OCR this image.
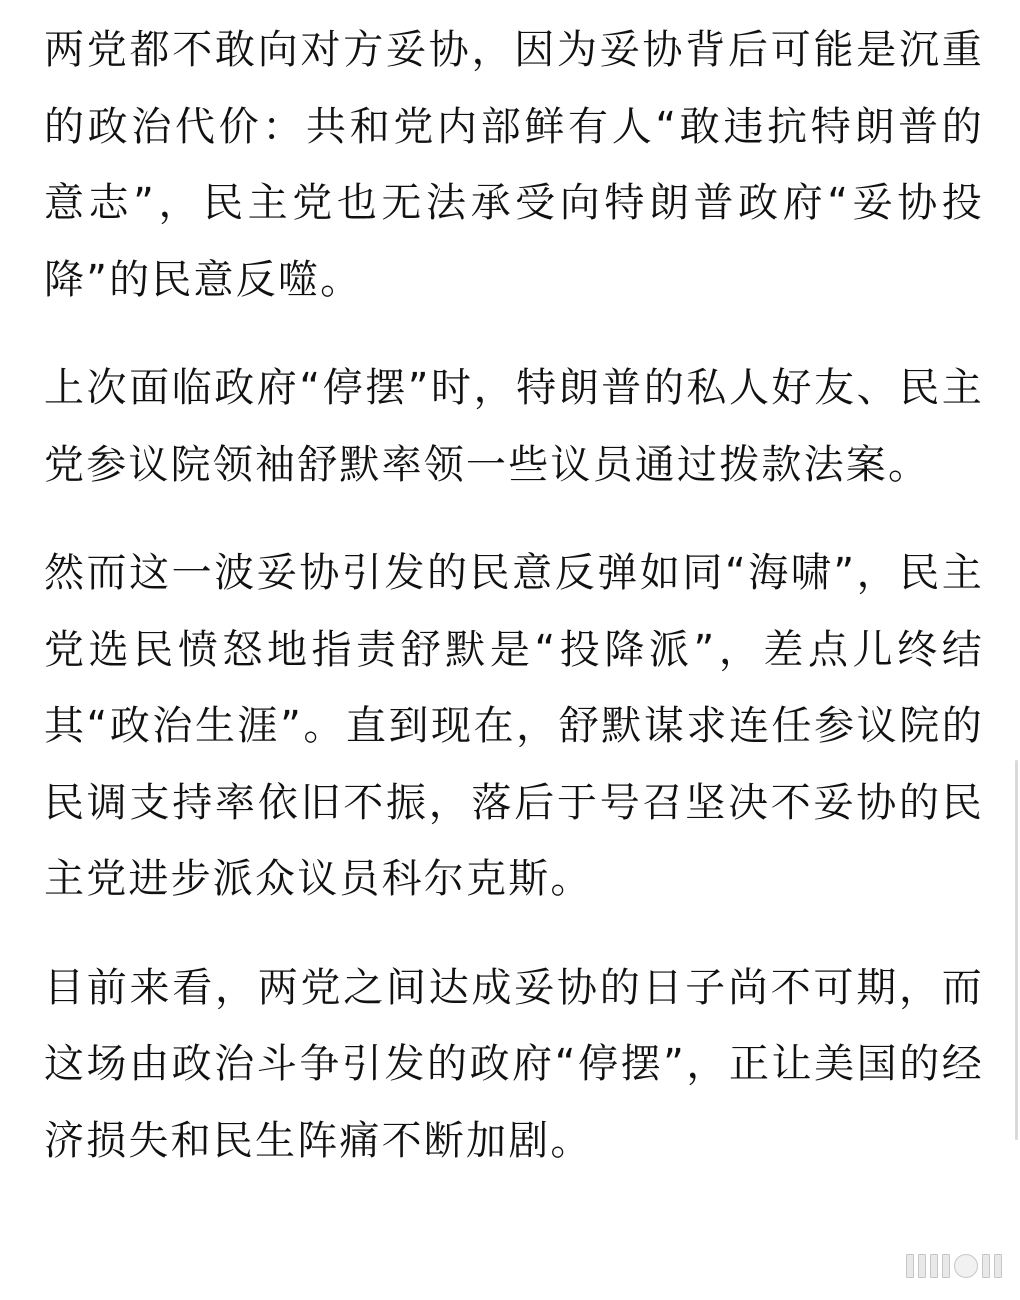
两党都不敢向对方妥协，因为妥协背后可能是沉重的政治代价：共和党内部鲜有人“敢违抗特朗普的意志”，民主党也无法承受向特朗普政府“妥协投降”的民意反噬。

上次面临政府“停摆”时，特朗普的私人好友、民主党参议院领袖舒默率领一些议员通过拨款法案。

然而这一波妥协引发的民意反弹如同“海啸”，民主党选民愤怒地指责舒默是“投降派”，差点儿终结其“政治生涯”。直到现在，舒默谋求连任参议院的民调支持率依旧不振，落后于号召坚决不妥协的民主党进步派众议员科尔克斯。

目前来看，两党之间达成妥协的日子尚不可期，而这场由政治斗争引发的政府“停摆”，正让美国的经济损失和民生阵痛不断加剧。
